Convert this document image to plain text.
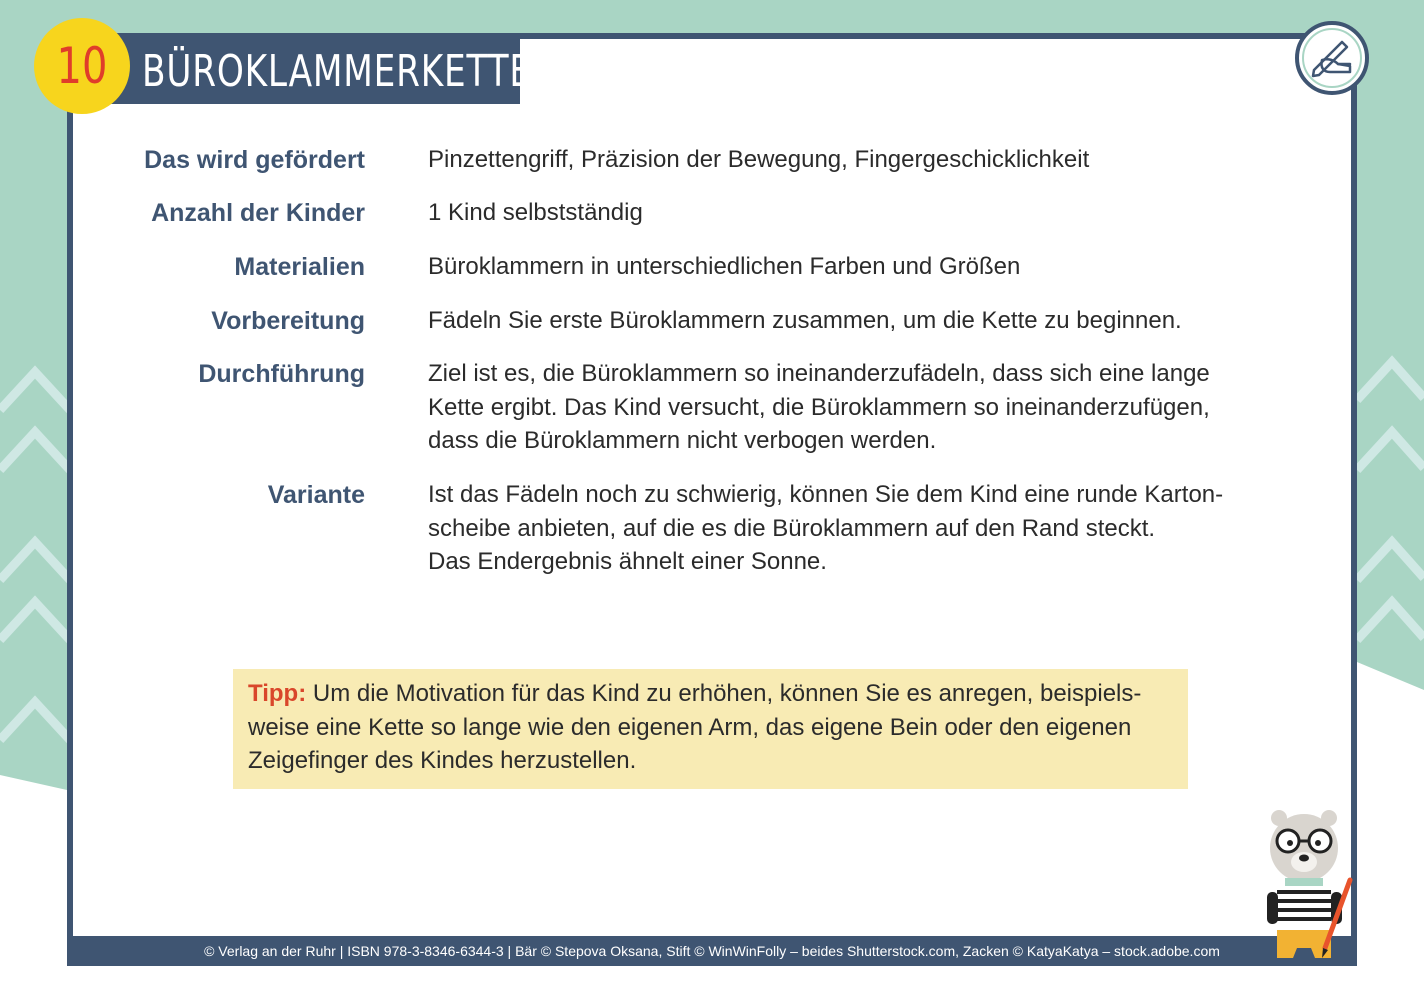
BÜROKLAMMERKETTE
10
Das wird gefördert	Pinzettengriff, Präzision der Bewegung, Fingergeschicklichkeit
Anzahl der Kinder	1 Kind selbstständig
Materialien	Büroklammern in unterschiedlichen Farben und Größen
Vorbereitung	Fädeln Sie erste Büroklammern zusammen, um die Kette zu beginnen.
Durchführung	Ziel ist es, die Büroklammern so ineinanderzufädeln, dass sich eine lange
Kette ergibt. Das Kind versucht, die Büroklammern so ineinanderzufügen,
dass die Büroklammern nicht verbogen werden.
Variante	Ist das Fädeln noch zu schwierig, können Sie dem Kind eine runde Karton-
scheibe anbieten, auf die es die Büroklammern auf den Rand steckt.
Das Endergebnis ähnelt einer Sonne.
Tipp: Um die Motivation für das Kind zu erhöhen, können Sie es anregen, beispiels-
weise eine Kette so lange wie den eigenen Arm, das eigene Bein oder den eigenen
Zeigefinger des Kindes herzustellen.
© Verlag an der Ruhr | ISBN 978-3-8346-6344-3 | Bär © Stepova Oksana, Stift © WinWinFolly – beides Shutterstock.com, Zacken © KatyaKatya – stock.adobe.com
